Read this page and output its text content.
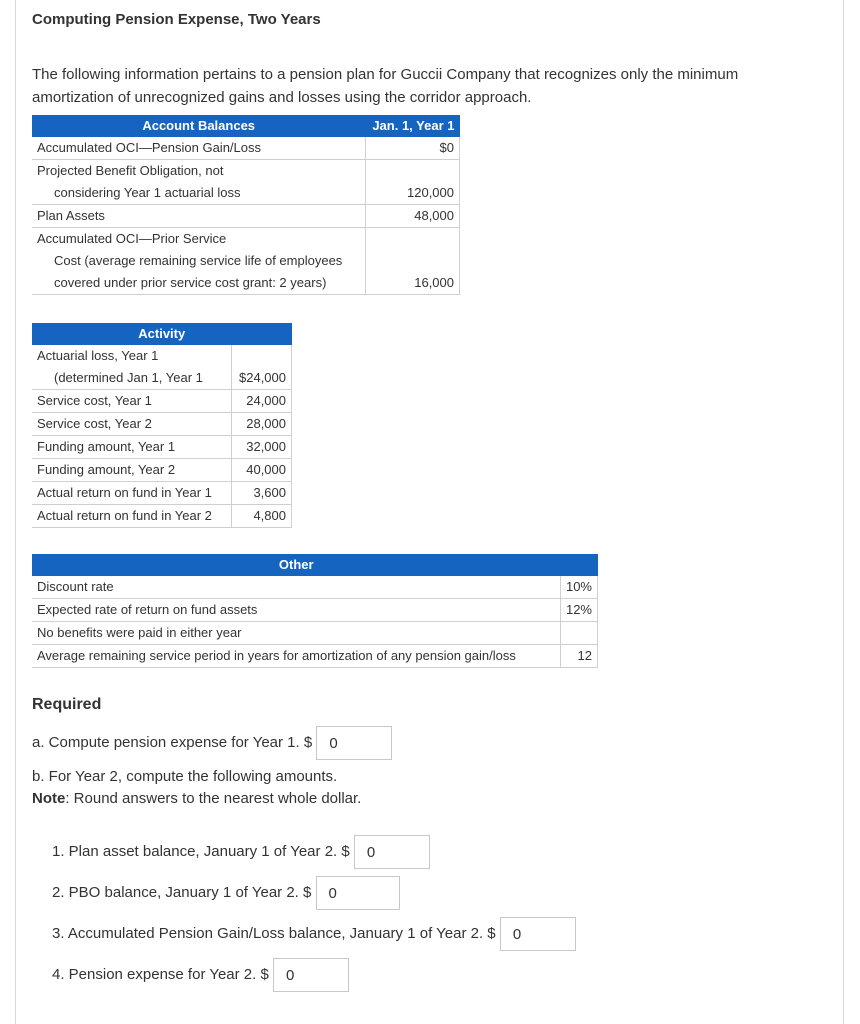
Computing Pension Expense, Two Years
The following information pertains to a pension plan for Guccii Company that recognizes only the minimum amortization of unrecognized gains and losses using the corridor approach.
Account Balances	Jan. 1, Year 1
Accumulated OCI—Pension Gain/Loss	$0
Projected Benefit Obligation, not	
considering Year 1 actuarial loss	120,000
Plan Assets	48,000
Accumulated OCI—Prior Service	
Cost (average remaining service life of employees	
covered under prior service cost grant: 2 years)	16,000
Activity	
Actuarial loss, Year 1	
(determined Jan 1, Year 1	$24,000
Service cost, Year 1	24,000
Service cost, Year 2	28,000
Funding amount, Year 1	32,000
Funding amount, Year 2	40,000
Actual return on fund in Year 1	3,600
Actual return on fund in Year 2	4,800
Other	
Discount rate	10%
Expected rate of return on fund assets	12%
No benefits were paid in either year	
Average remaining service period in years for amortization of any pension gain/loss	12
Required
a. Compute pension expense for Year 1. $ 0
b. For Year 2, compute the following amounts.
Note: Round answers to the nearest whole dollar.
1. Plan asset balance, January 1 of Year 2. $ 0
2. PBO balance, January 1 of Year 2. $ 0
3. Accumulated Pension Gain/Loss balance, January 1 of Year 2. $ 0
4. Pension expense for Year 2. $ 0
